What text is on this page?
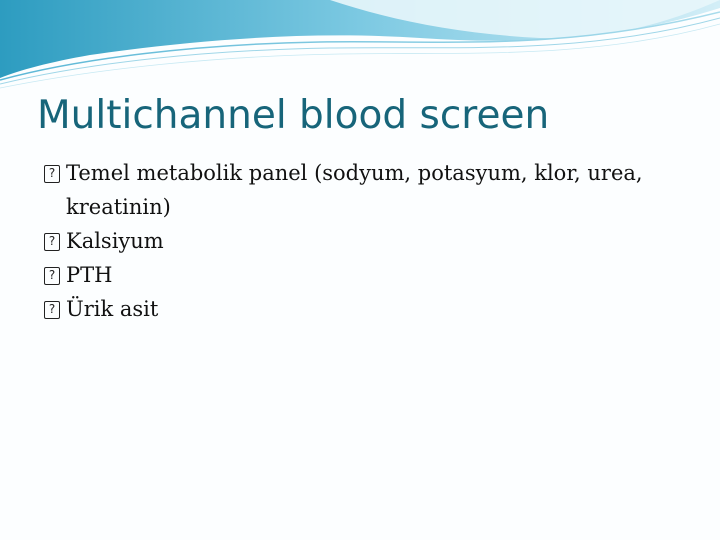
Multichannel blood screen
? Temel metabolik panel (sodyum, potasyum, klor, urea, kreatinin)
? Kalsiyum
? PTH
? Ürik asit
